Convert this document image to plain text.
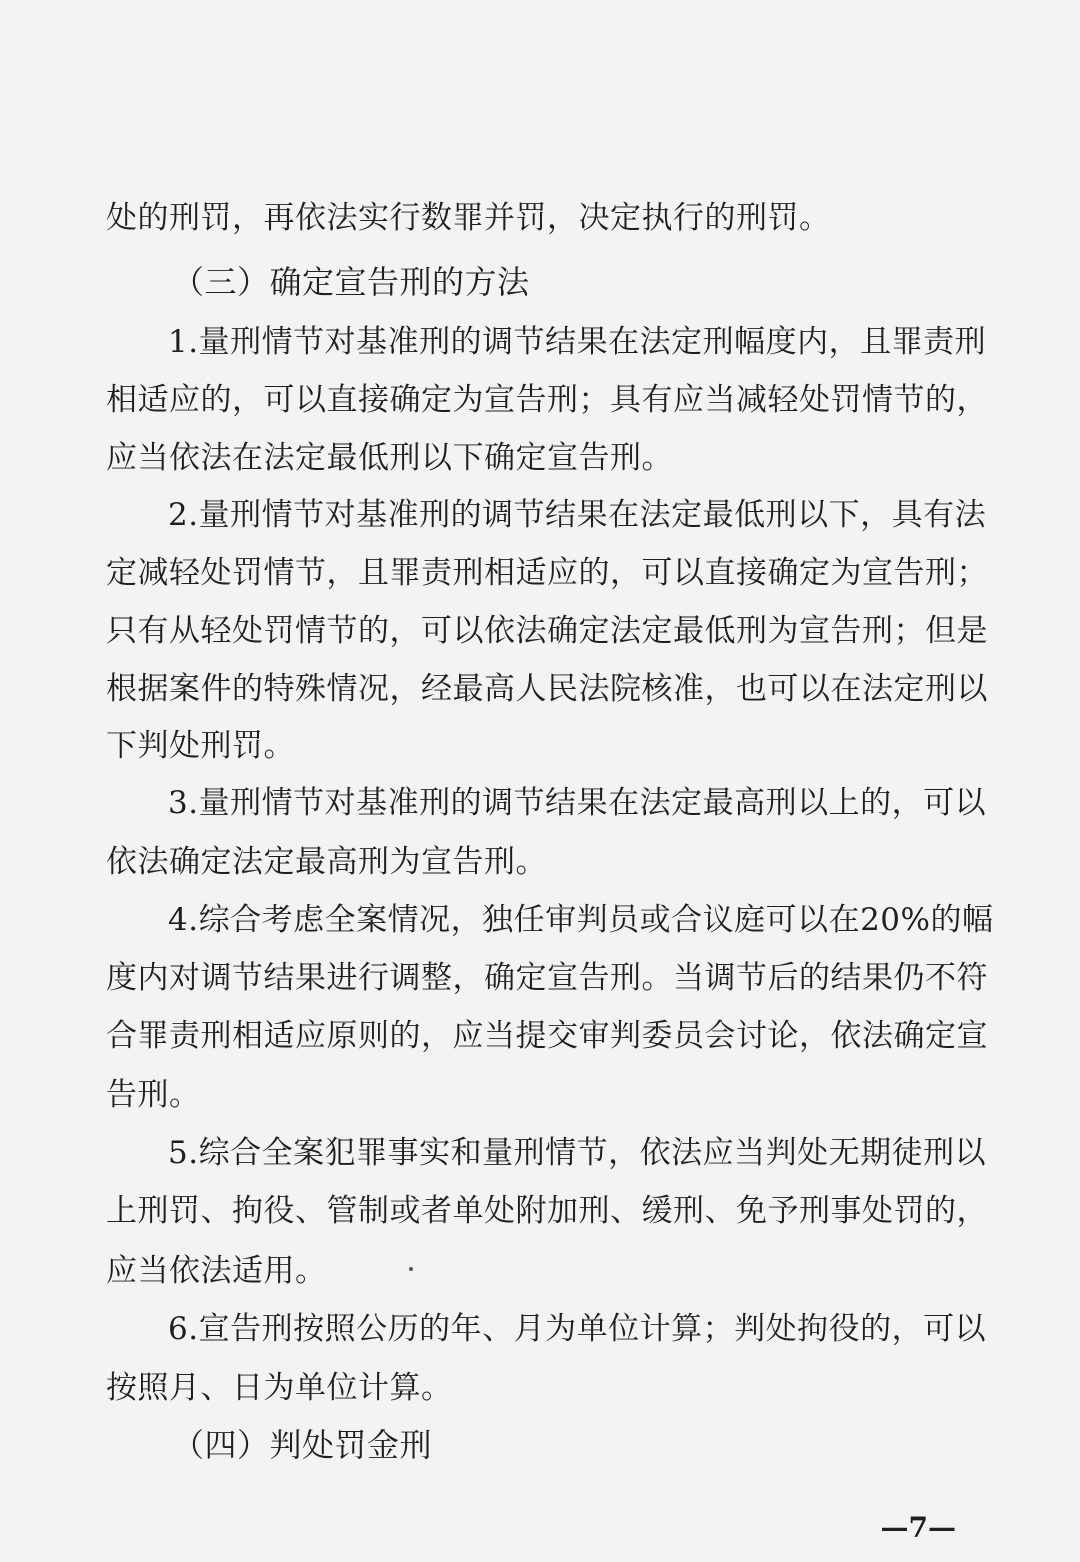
处的刑罚，再依法实行数罪并罚，决定执行的刑罚。
（三）确定宣告刑的方法
1.量刑情节对基准刑的调节结果在法定刑幅度内，且罪责刑
相适应的，可以直接确定为宣告刑；具有应当减轻处罚情节的，
应当依法在法定最低刑以下确定宣告刑。
2.量刑情节对基准刑的调节结果在法定最低刑以下，具有法
定减轻处罚情节，且罪责刑相适应的，可以直接确定为宣告刑；
只有从轻处罚情节的，可以依法确定法定最低刑为宣告刑；但是
根据案件的特殊情况，经最高人民法院核准，也可以在法定刑以
下判处刑罚。
3.量刑情节对基准刑的调节结果在法定最高刑以上的，可以
依法确定法定最高刑为宣告刑。
4.综合考虑全案情况，独任审判员或合议庭可以在20%的幅
度内对调节结果进行调整，确定宣告刑。当调节后的结果仍不符
合罪责刑相适应原则的，应当提交审判委员会讨论，依法确定宣
告刑。
5.综合全案犯罪事实和量刑情节，依法应当判处无期徒刑以
上刑罚、拘役、管制或者单处附加刑、缓刑、免予刑事处罚的，
应当依法适用。
6.宣告刑按照公历的年、月为单位计算；判处拘役的，可以
按照月、日为单位计算。
（四）判处罚金刑
—7—
